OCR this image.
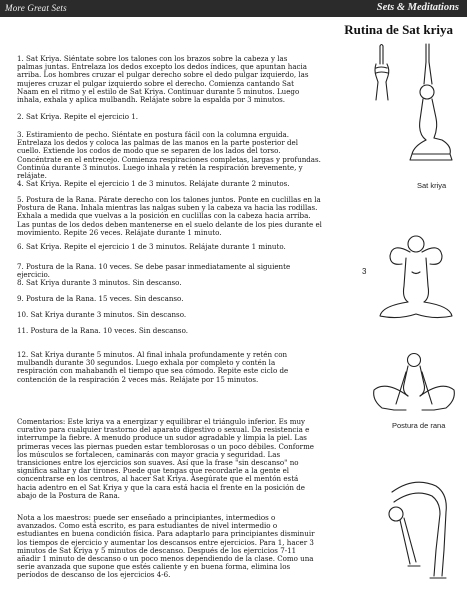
More Great Sets	Sets & Meditations
Rutina de Sat kriya

1. Sat Kriya. Siéntate sobre los talones con los brazos sobre la cabeza y las palmas juntas. Entrelaza los dedos excepto los dedos índices, que apuntan hacia arriba. Los hombres cruzar el pulgar derecho sobre el dedo pulgar izquierdo, las mujeres cruzar el pulgar izquierdo sobre el derecho. Comienza cantando Sat Naam en el ritmo y el estilo de Sat Kriya. Continuar durante 5 minutos. Luego inhala, exhala y aplica mulbandh. Relájate sobre la espalda por 3 minutos.

2. Sat Kriya. Repite el ejercicio 1.

3. Estiramiento de pecho. Siéntate en postura fácil con la columna erguida. Entrelaza los dedos y coloca las palmas de las manos en la parte posterior del cuello. Extiende los codos de modo que se separen de los lados del torso. Concéntrate en el entrecejo. Comienza respiraciones completas, largas y profundas. Continúa durante 3 minutos. Luego inhala y retén la respiración brevemente, y relájate.

4. Sat Kriya. Repite el ejercicio 1 de 3 minutos. Relájate durante 2 minutos.

5. Postura de la Rana. Párate derecho con los talones juntos. Ponte en cuclillas en la Postura de Rana. Inhala mientras las nalgas suben y la cabeza va hacia las rodillas. Exhala a medida que vuelvas a la posición en cuclillas con la cabeza hacia arriba. Las puntas de los dedos deben mantenerse en el suelo delante de los pies durante el movimiento. Repite 26 veces. Relájate durante 1 minuto.

6. Sat Kriya. Repite el ejercicio 1 de 3 minutos. Relájate durante 1 minuto.

7. Postura de la Rana. 10 veces. Se debe pasar inmediatamente al siguiente ejercicio.

8. Sat Kriya durante 3 minutos. Sin descanso.

9. Postura de la Rana. 15 veces. Sin descanso.

10. Sat Kriya durante 3 minutos. Sin descanso.

11. Postura de la Rana. 10 veces. Sin descanso.

12. Sat Kriya durante 5 minutos. Al final inhala profundamente y retén con mulbandh durante 30 segundos. Luego exhala por completo y contén la respiración con mahabandh el tiempo que sea cómodo. Repite este ciclo de contención de la respiración 2 veces más. Relájate por 15 minutos.

Comentarios: Este kriya va a energizar y equilibrar el triángulo inferior. Es muy curativo para cualquier trastorno del aparato digestivo o sexual. Da resistencia e interrumpe la fiebre. A menudo produce un sudor agradable y limpia la piel. Las primeras veces las piernas pueden estar temblorosas o un poco débiles. Conforme los músculos se fortalecen, caminarás con mayor gracia y seguridad. Las transiciones entre los ejercicios son suaves. Así que la frase "sin descanso" no significa saltar y dar tirones. Puede que tengas que recordarle a la gente el concentrarse en los centros, al hacer Sat Kriya. Asegúrate que el mentón está hacia adentro en el Sat Kriya y que la cara está hacia el frente en la posición de abajo de la Postura de Rana.

Nota a los maestros: puede ser enseñado a principiantes, intermedios o avanzados. Como está escrito, es para estudiantes de nivel intermedio o estudiantes en buena condición física. Para adaptarlo para principiantes disminuir los tiempos de ejercicio y aumentar los descansos entre ejercicios. Para 1, hacer 3 minutos de Sat Kriya y 5 minutos de descanso. Después de los ejercicios 7-11 añadir 1 minuto de descanso o un poco menos dependiendo de la clase. Como una serie avanzada que supone que estés caliente y en buena forma, elimina los períodos de descanso de los ejercicios 4-6.

Sat kriya
3
Postura de rana
